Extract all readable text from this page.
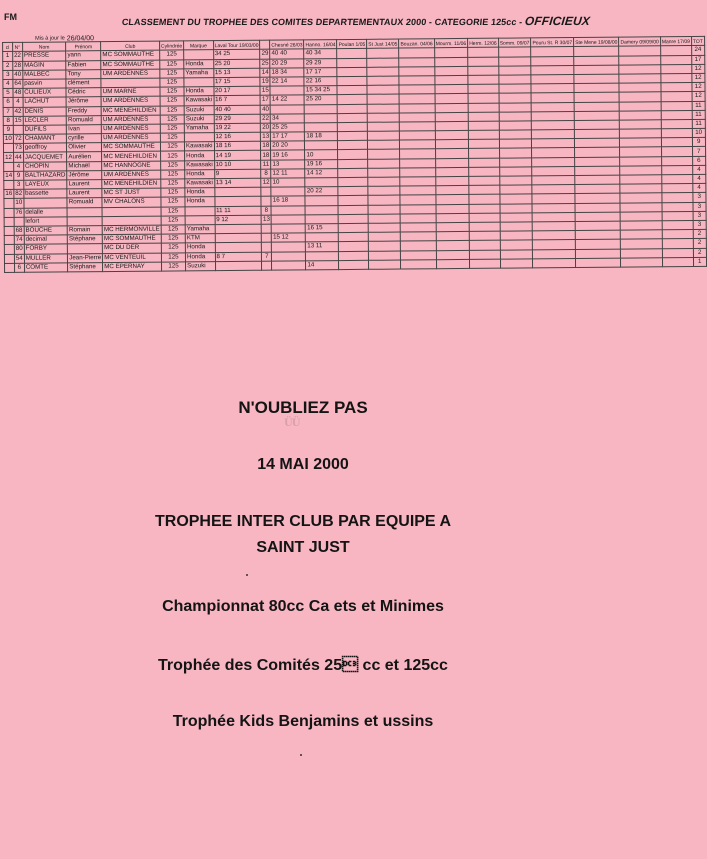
FM	CLASSEMENT DU TROPHEE DES COMITES DEPARTEMENTAUX 2000 - CATEGORIE 125cc - OFFICIEUX
Mis à jour le			26/04/00																		
cl	N°	Nom	Prénom	Club	Cylindrée	Marque	Laval Tour 19/03/00		Chesné 26/03	Hanno. 16/04	Poulan 1/05	St Just 14/05	Bouzan. 04/06	Mourm. 11/06	Herm. 12/06	Somm. 09/07	Pouru St. R 30/07	Ste Mene 19/08/00	Damery 09/09/00	Manre 17/09	TOT
1	22	PRESSE	yann	MC SOMMAUTHE	125		34 25	29	40 40	40 34											24
2	28	MAGIN	Fabien	MC SOMMAUTHE	125	Honda	25 20	25	20 29	29 29											17
3	40	MALBEC	Tony	UM ARDENNES	125	Yamaha	15 13	14	18 34	17 17											12
4	64	pasvin	clément		125		17 15	19	22 14	22 16											12
5	48	CULIEUX	Cédric	UM MARNE	125	Honda	20 17	15		15 34 25											12
6	4	LACHUT	Jérôme	UM ARDENNES	125	Kawasaki	16 7	17	14 22	25 20											12
7	42	DENIS	Freddy	MC MENEHILDIEN	125	Suzuki	40 40	40													11
8	15	LECLER	Romuald	UM ARDENNES	125	Suzuki	29 29	22	34												11
9		DUFILS	Ivan	UM ARDENNES	125	Yamaha	19 22	20	25 25												11
10	72	CHAMANT	cyrille	UM ARDENNES	125		12 16	13	17 17	18 18											10
	73	geoffroy	Olivier	MC SOMMAUTHE	125	Kawasaki	18 16	18	20 20												9
12	44	JACQUEMET	Aurélien	MC MENEHILDIEN	125	Honda	14 19	18	19 16	10											7
	4	CHOPIN	Michaël	MC HANNOGNE	125	Kawasaki	10 10	11	13	19 16											6
14	9	BALTHAZARD	Jérôme	UM ARDENNES	125	Honda	9	8	12 11	14 12											4
	3	LAYEUX	Laurent	MC MENEHILDIEN	125	Kawasaki	13 14	12	10												4
16	82	bassette	Laurent	MC ST JUST	125	Honda				20 22											4
	10		Romuald	MV CHALONS	125	Honda			16 18												3
	76	delalle			125		11 11	8													3
		lefort			125		9 12	13													3
	68	BOUCHE	Romain	MC HERMONVILLE	125	Yamaha				16 15											3
	74	decimal	Stéphane	MC SOMMAUTHE	125	KTM			15 12												2
	80	FORBY		MC DU DER	125	Honda				13 11											2
	54	MULLER	Jean-Pierre	MC VENTEUIL	125	Honda	8 7	7													2
	6	COMTE	Stéphane	MC EPERNAY	125	Suzuki				14											1
ÜÜ
N'OUBLIEZ PAS
14 MAI 2000
TROPHEE INTER CLUB PAR EQUIPE A
SAINT JUST
Championnat 80cc Ca ets et Minimes
Trophée des Comités 25 cc et 125cc
Trophée Kids Benjamins et ussins
